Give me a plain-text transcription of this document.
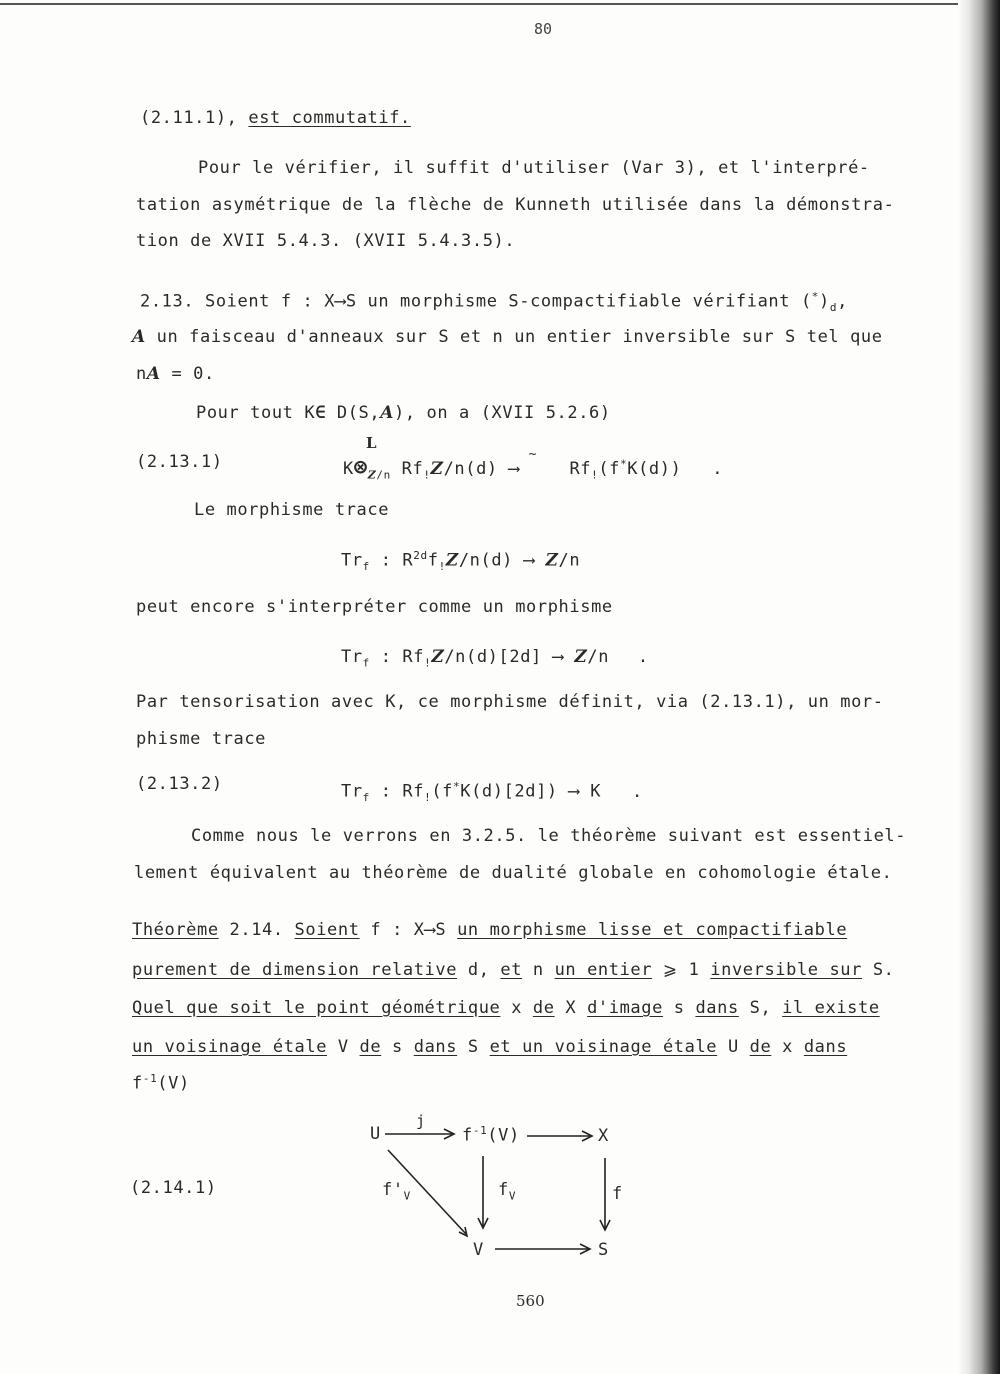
80
(2.11.1), est commutatif.
Pour le vérifier, il suffit d'utiliser (Var 3), et l'interpré-
tation asymétrique de la flèche de Kunneth utilisée dans la démonstra-
tion de XVII 5.4.3. (XVII 5.4.3.5).
2.13. Soient f : X⟶S un morphisme S-compactifiable vérifiant $(^*)_d$,
A un faisceau d'anneaux sur S et n un entier inversible sur S tel que
nA = 0.
Pour tout K∈ D(S,A), on a (XVII 5.2.6)
L
(2.13.1)	$K\otimes_{Z/n}$ $Rf_!Z/n(d)$
~
⟶	$Rf_!(f^*K(d))$ .
Le morphisme trace
$Tr_f$ : $R^{2d}f_!Z/n(d)$ ⟶ Z/n
peut encore s'interpréter comme un morphisme
$Tr_f$ : $Rf_!Z/n(d)[2d]$ ⟶ Z/n .
Par tensorisation avec K, ce morphisme définit, via (2.13.1), un mor-
phisme trace
(2.13.2)	$Tr_f$ : $Rf_!(f^*K(d)[2d])$ ⟶ K .
Comme nous le verrons en 3.2.5. le théorème suivant est essentiel-
lement équivalent au théorème de dualité globale en cohomologie étale.
Théorème 2.14. Soient f : X⟶S un morphisme lisse et compactifiable
purement de dimension relative d, et n un entier ⩾ 1 inversible sur S.
Quel que soit le point géométrique x de X d'image s dans S, il existe
un voisinage étale V de s dans S et un voisinage étale U de x dans
$f^{-1}(V)$
(2.14.1)
U
j
$f^{-1}(V)$	X
$f'_V$	$f_V$	f
V	S
560
